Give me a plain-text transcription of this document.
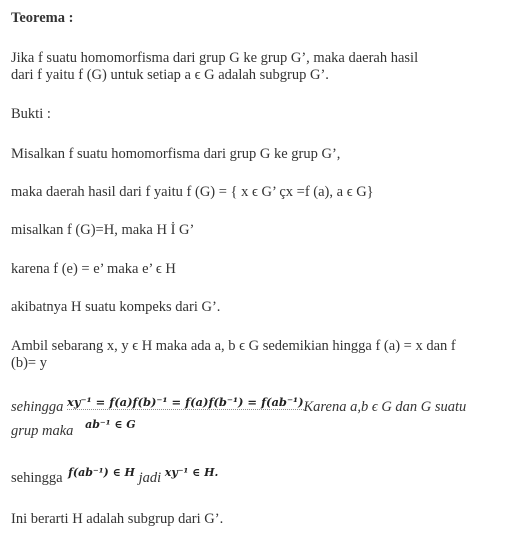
Teorema :
Jika f suatu homomorfisma dari grup G ke grup G’, maka daerah hasil
dari f yaitu f (G) untuk setiap a ϵ G adalah subgrup G’.
Bukti :
Misalkan f suatu homomorfisma dari grup G ke grup G’,
maka daerah hasil dari f yaitu f (G) = { x ϵ G’ çx =f (a), a ϵ G}
misalkan f (G)=H, maka H İ G’
karena f (e) = e’ maka e’ ϵ H
akibatnya H suatu kompeks dari G’.
Ambil sebarang x, y ϵ H maka ada a, b ϵ G sedemikian hingga f (a) = x dan f
(b)= y
sehingga $^{xy^{-1} = f(a)f(b)^{-1} = f(a)f(b^{-1}) = f(ab^{-1})}$Karena a,b ϵ G dan G suatu
grup maka $^{ab^{-1} \in G}$
sehingga $^{f(ab^{-1}) \in H}$ jadi $^{xy^{-1} \in H.}$
Ini berarti H adalah subgrup dari G’.
